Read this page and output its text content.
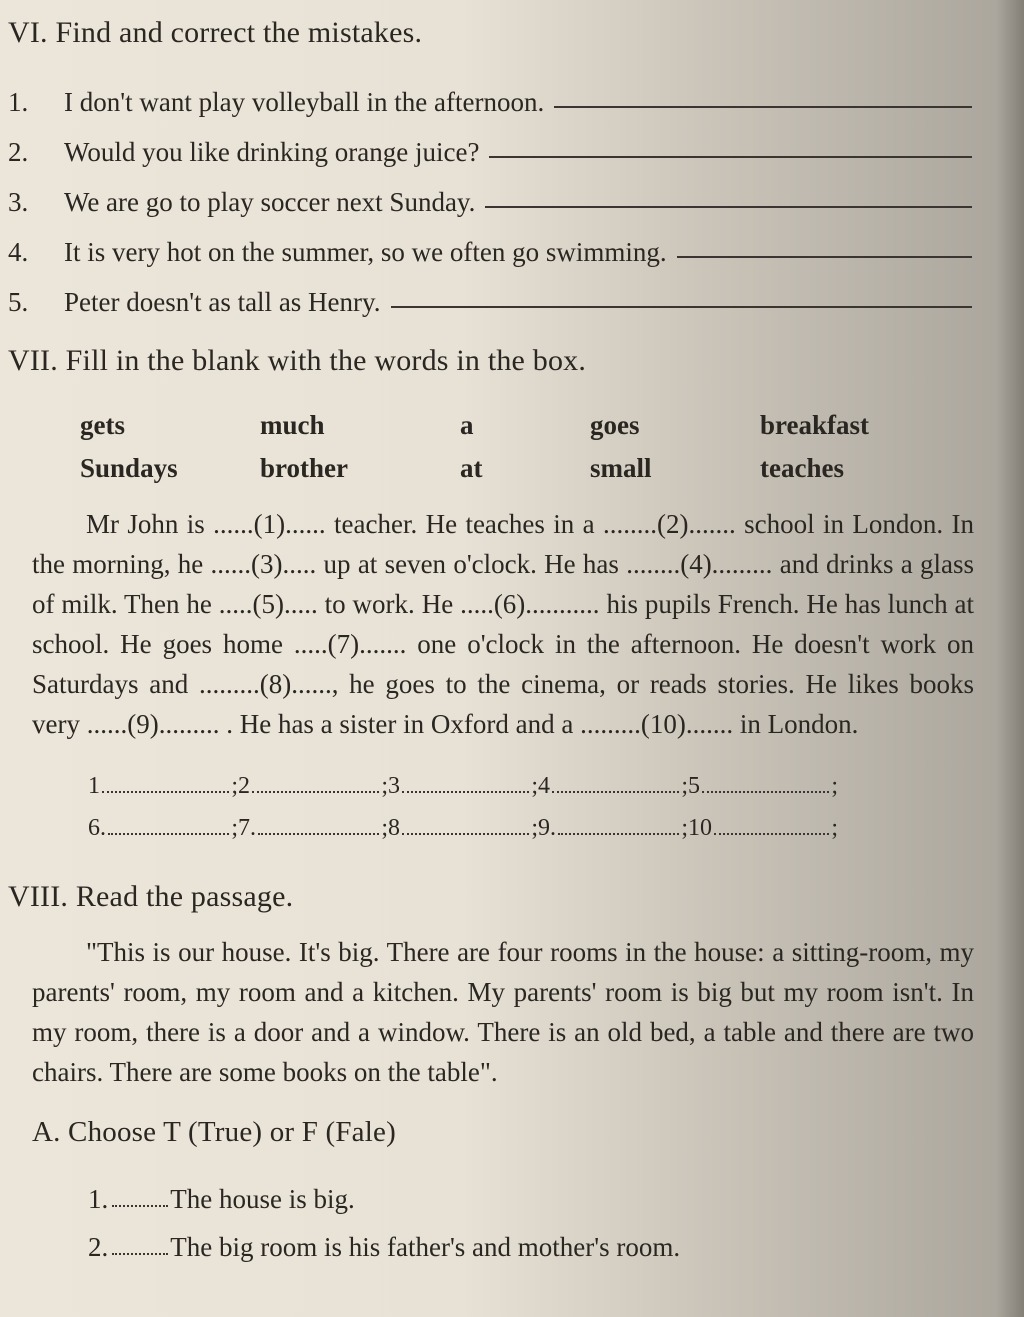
VI. Find and correct the mistakes.
1.	I don't want play volleyball in the afternoon.
2.	Would you like drinking orange juice?
3.	We are go to play soccer next Sunday.
4.	It is very hot on the summer, so we often go swimming.
5.	Peter doesn't as tall as Henry.
VII. Fill in the blank with the words in the box.
gets	much	a	goes	breakfast
Sundays	brother	at	small	teaches

Mr John is ......(1)...... teacher. He teaches in a ........(2)....... school in London. In the morning, he ......(3)..... up at seven o'clock. He has ........(4)......... and drinks a glass of milk. Then he .....(5)..... to work. He .....(6)........... his pupils French. He has lunch at school. He goes home .....(7)....... one o'clock in the afternoon. He doesn't work on Saturdays and .........(8)......, he goes to the cinema, or reads stories. He likes books very ......(9)......... . He has a sister in Oxford and a .........(10)....... in London.

1	; 2	; 3	; 4	; 5	;
6.	; 7.	; 8	; 9.	; 10	;
VIII. Read the passage.

"This is our house. It's big. There are four rooms in the house: a sitting-room, my parents' room, my room and a kitchen. My parents' room is big but my room isn't. In my room, there is a door and a window. There is an old bed, a table and there are two chairs. There are some books on the table".

A. Choose T (True) or F (Fale)
1. The house is big.
2. The big room is his father's and mother's room.
